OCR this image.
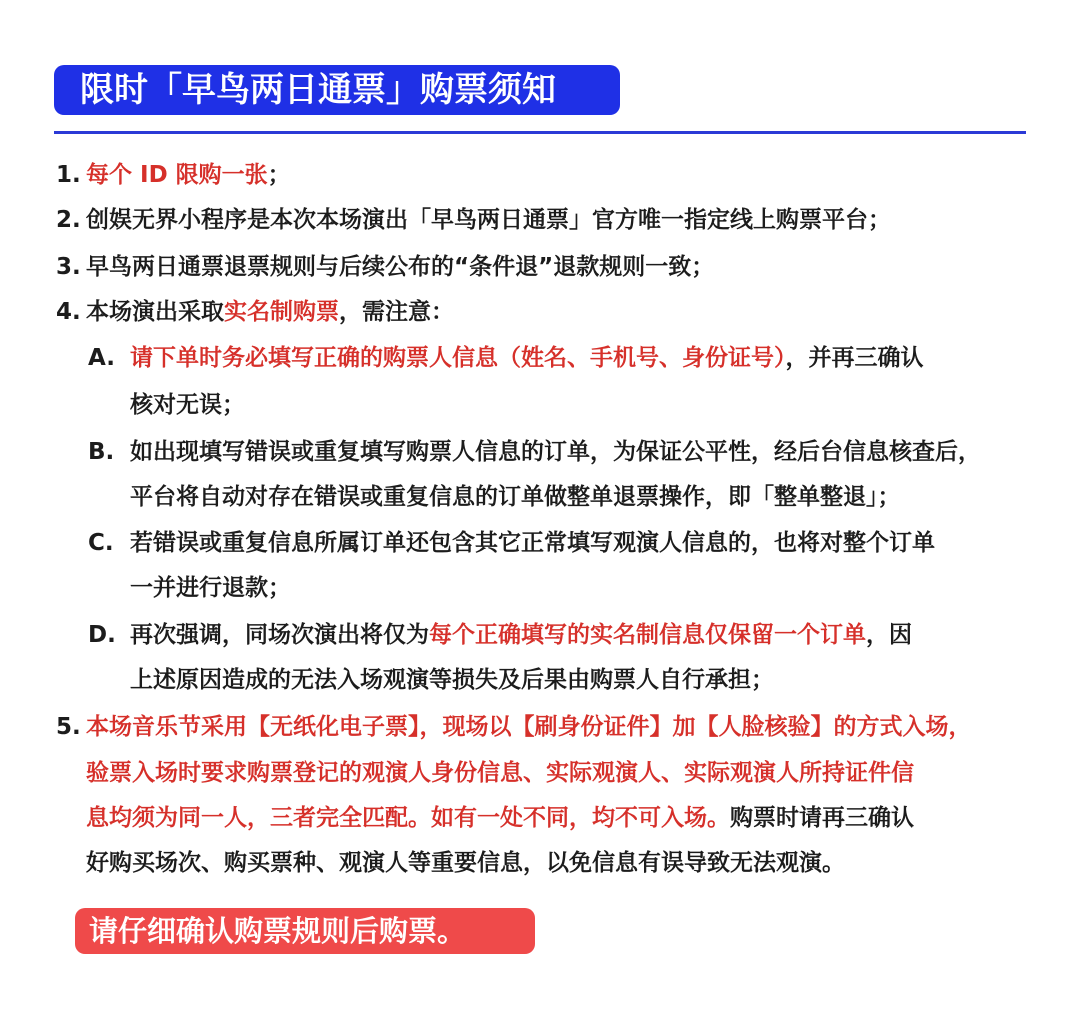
限时「早鸟两日通票」购票须知
1. 每个 ID 限购一张；
2. 创娱无界小程序是本次本场演出「早鸟两日通票」官方唯一指定线上购票平台；
3. 早鸟两日通票退票规则与后续公布的“条件退”退款规则一致；
4. 本场演出采取实名制购票，需注意：
A. 请下单时务必填写正确的购票人信息（姓名、手机号、身份证号），并再三确认
核对无误；
B. 如出现填写错误或重复填写购票人信息的订单，为保证公平性，经后台信息核查后，
平台将自动对存在错误或重复信息的订单做整单退票操作，即「整单整退」；
C. 若错误或重复信息所属订单还包含其它正常填写观演人信息的，也将对整个订单
一并进行退款；
D. 再次强调，同场次演出将仅为每个正确填写的实名制信息仅保留一个订单，因
上述原因造成的无法入场观演等损失及后果由购票人自行承担；
5. 本场音乐节采用【无纸化电子票】，现场以【刷身份证件】加【人脸核验】的方式入场，
验票入场时要求购票登记的观演人身份信息、实际观演人、实际观演人所持证件信
息均须为同一人，三者完全匹配。如有一处不同，均不可入场。购票时请再三确认
好购买场次、购买票种、观演人等重要信息，以免信息有误导致无法观演。
请仔细确认购票规则后购票。
